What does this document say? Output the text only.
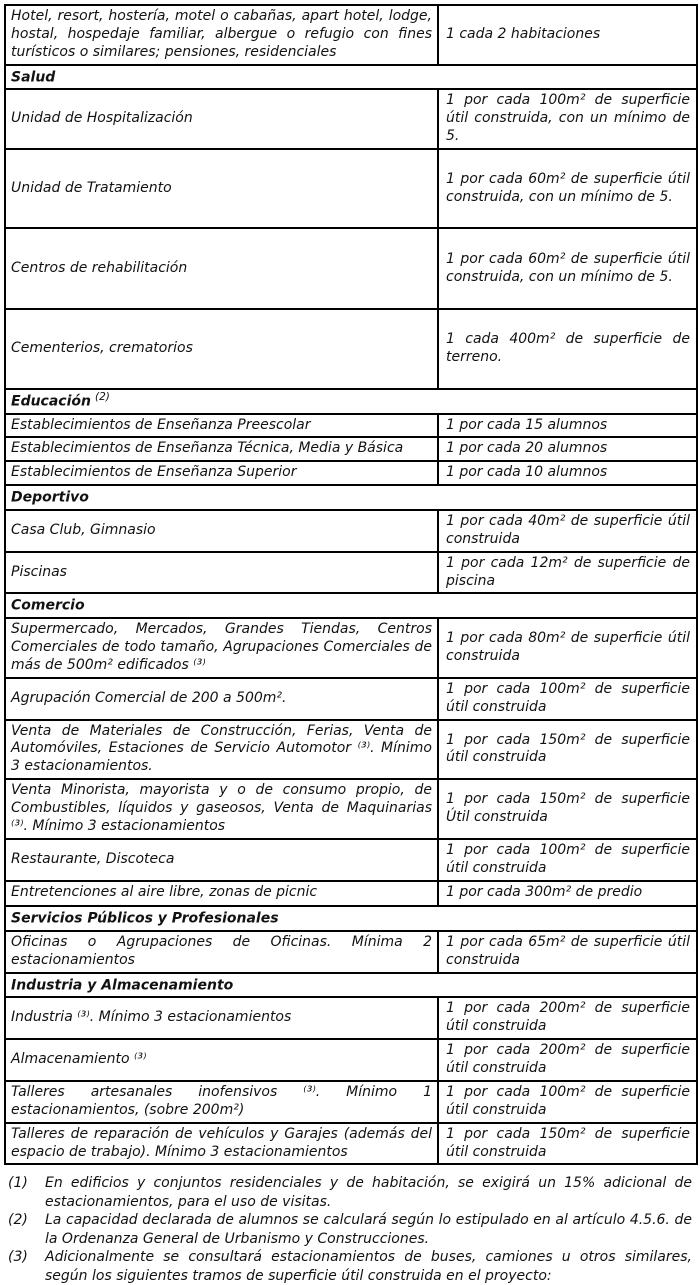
Hotel, resort, hostería, motel o cabañas, apart hotel, lodge, hostal, hospedaje familiar, albergue o refugio con fines turísticos o similares; pensiones, residenciales	1 cada 2 habitaciones
Salud	
Unidad de Hospitalización	1 por cada 100m² de superficie útil construida, con un mínimo de 5.
Unidad de Tratamiento	1 por cada 60m² de superficie útil construida, con un mínimo de 5.
Centros de rehabilitación	1 por cada 60m² de superficie útil construida, con un mínimo de 5.
Cementerios, crematorios	1 cada 400m² de superficie de terreno.
Educación $^{(2)}$
Establecimientos de Enseñanza Preescolar	1 por cada 15 alumnos
Establecimientos de Enseñanza Técnica, Media y Básica	1 por cada 20 alumnos
Establecimientos de Enseñanza Superior	1 por cada 10 alumnos
Deportivo	
Casa Club, Gimnasio	1 por cada 40m² de superficie útil construida
Piscinas	1 por cada 12m² de superficie de piscina
Comercio	
Supermercado, Mercados, Grandes Tiendas, Centros Comerciales de todo tamaño, Agrupaciones Comerciales de más de 500m² edificados ⁽³⁾	1 por cada 80m² de superficie útil construida
Agrupación Comercial de 200 a 500m².	1 por cada 100m² de superficie útil construida
Venta de Materiales de Construcción, Ferias, Venta de Automóviles, Estaciones de Servicio Automotor ⁽³⁾. Mínimo 3 estacionamientos.	1 por cada 150m² de superficie útil construida
Venta Minorista, mayorista y o de consumo propio, de Combustibles, líquidos y gaseosos, Venta de Maquinarias ⁽³⁾. Mínimo 3 estacionamientos	1 por cada 150m² de superficie Útil construida
Restaurante, Discoteca	1 por cada 100m² de superficie útil construida
Entretenciones al aire libre, zonas de picnic	1 por cada 300m² de predio
Servicios Públicos y Profesionales	
Oficinas o Agrupaciones de Oficinas. Mínima 2 estacionamientos	1 por cada 65m² de superficie útil construida
Industria y Almacenamiento	
Industria ⁽³⁾. Mínimo 3 estacionamientos	1 por cada 200m² de superficie útil construida
Almacenamiento ⁽³⁾	1 por cada 200m² de superficie útil construida
Talleres artesanales inofensivos ⁽³⁾. Mínimo 1 estacionamientos, (sobre 200m²)	1 por cada 100m² de superficie útil construida
Talleres de reparación de vehículos y Garajes (además del espacio de trabajo). Mínimo 3 estacionamientos	1 por cada 150m² de superficie útil construida
(1)	En edificios y conjuntos residenciales y de habitación, se exigirá un 15% adicional de estacionamientos, para el uso de visitas.
(2)	La capacidad declarada de alumnos se calculará según lo estipulado en al artículo 4.5.6. de la Ordenanza General de Urbanismo y Construcciones.
(3)	Adicionalmente se consultará estacionamientos de buses, camiones u otros similares, según los siguientes tramos de superficie útil construida en el proyecto:
